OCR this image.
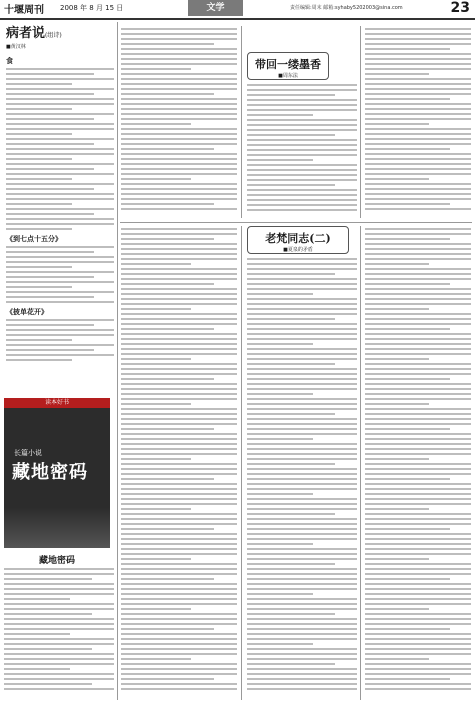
十堰周刊 2008 年 8 月 15 日	文学	责任编辑:周末 邮箱:syhaby5202003@sina.com	23
病者说(组诗)
■黄汉林
食
《到七点十五分》
《披单花开》
读本好书
长篇小说
藏地密码
藏地密码
带回一缕墨香
■周东法
老梵同志(二)
■夏泉的矛盾
